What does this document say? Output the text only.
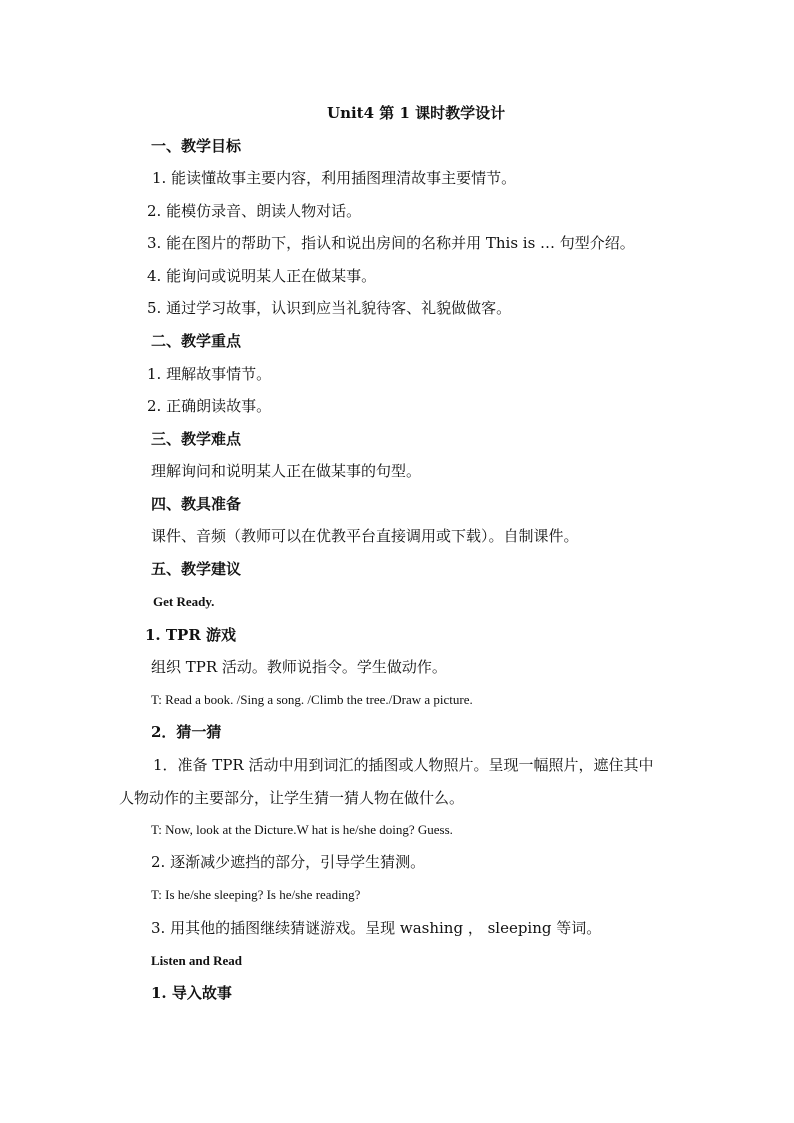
Unit4 第 1 课时教学设计
一、教学目标
1. 能读懂故事主要内容，利用插图理清故事主要情节。
2. 能模仿录音、朗读人物对话。
3. 能在图片的帮助下，指认和说出房间的名称并用 This is … 句型介绍。
4. 能询问或说明某人正在做某事。
5. 通过学习故事，认识到应当礼貌待客、礼貌做做客。
二、教学重点
1. 理解故事情节。
2. 正确朗读故事。
三、教学难点
理解询问和说明某人正在做某事的句型。
四、教具准备
课件、音频（教师可以在优教平台直接调用或下载）。自制课件。
五、教学建议
Get Ready.
1. TPR 游戏
组织 TPR 活动。教师说指令。学生做动作。
T: Read a book. /Sing a song. /Climb the tree./Draw a picture.
2．猜一猜
1．准备 TPR 活动中用到词汇的插图或人物照片。呈现一幅照片，遮住其中
人物动作的主要部分，让学生猜一猜人物在做什么。
T: Now, look at the Dicture.W hat is he/she doing? Guess.
2. 逐渐减少遮挡的部分，引导学生猜测。
T: Is he/she sleeping? Is he/she reading?
3. 用其他的插图继续猜谜游戏。呈现 washing ， sleeping 等词。
Listen and Read
1. 导入故事
